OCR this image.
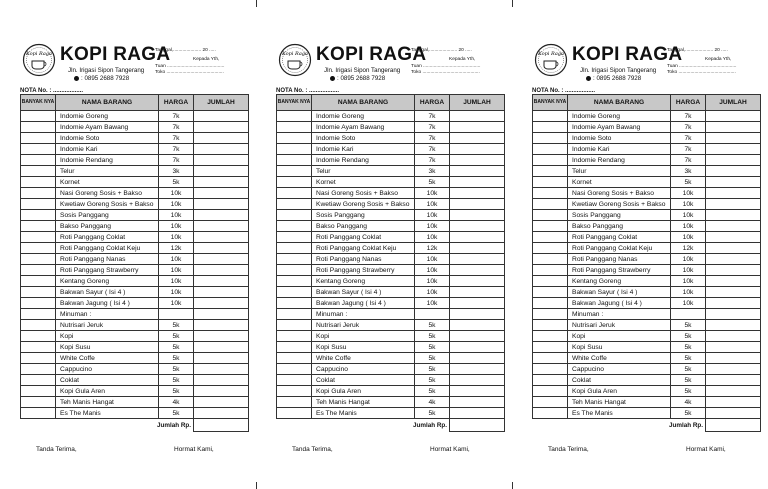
Kopi Raga KOPI RAGA
Jln. Irigasi Sipon Tangerang
: 0895 2688 7928
Tanggal,..................... 20 .....
Kepada Yth,
Tuan ...........................................
Toko ...........................................
NOTA No. : ..................
BANYAK NYA	NAMA BARANG	HARGA	JUMLAH
	Indomie Goreng	7k	
	Indomie Ayam Bawang	7k	
	Indomie Soto	7k	
	Indomie Kari	7k	
	Indomie Rendang	7k	
	Telur	3k	
	Kornet	5k	
	Nasi Goreng Sosis + Bakso	10k	
	Kwetiaw Goreng Sosis + Bakso	10k	
	Sosis Panggang	10k	
	Bakso Panggang	10k	
	Roti Panggang Coklat	10k	
	Roti Panggang Coklat Keju	12k	
	Roti Panggang Nanas	10k	
	Roti Panggang Strawberry	10k	
	Kentang Goreng	10k	
	Bakwan Sayur ( Isi 4 )	10k	
	Bakwan Jagung ( Isi 4 )	10k	
	Minuman :		
	Nutrisari Jeruk	5k	
	Kopi	5k	
	Kopi Susu	5k	
	White Coffe	5k	
	Cappucino	5k	
	Coklat	5k	
	Kopi Gula Aren	5k	
	Teh Manis Hangat	4k	
	Es The Manis	5k	
Jumlah Rp.			
Tanda Terima,	Hormat Kami,
Kopi Raga KOPI RAGA
Jln. Irigasi Sipon Tangerang
: 0895 2688 7928
Tanggal,..................... 20 .....
Kepada Yth,
Tuan ...........................................
Toko ...........................................
NOTA No. : ..................
BANYAK NYA	NAMA BARANG	HARGA	JUMLAH
	Indomie Goreng	7k	
	Indomie Ayam Bawang	7k	
	Indomie Soto	7k	
	Indomie Kari	7k	
	Indomie Rendang	7k	
	Telur	3k	
	Kornet	5k	
	Nasi Goreng Sosis + Bakso	10k	
	Kwetiaw Goreng Sosis + Bakso	10k	
	Sosis Panggang	10k	
	Bakso Panggang	10k	
	Roti Panggang Coklat	10k	
	Roti Panggang Coklat Keju	12k	
	Roti Panggang Nanas	10k	
	Roti Panggang Strawberry	10k	
	Kentang Goreng	10k	
	Bakwan Sayur ( Isi 4 )	10k	
	Bakwan Jagung ( Isi 4 )	10k	
	Minuman :		
	Nutrisari Jeruk	5k	
	Kopi	5k	
	Kopi Susu	5k	
	White Coffe	5k	
	Cappucino	5k	
	Coklat	5k	
	Kopi Gula Aren	5k	
	Teh Manis Hangat	4k	
	Es The Manis	5k	
Jumlah Rp.			
Tanda Terima,	Hormat Kami,
Kopi Raga KOPI RAGA
Jln. Irigasi Sipon Tangerang
: 0895 2688 7928
Tanggal,..................... 20 .....
Kepada Yth,
Tuan ...........................................
Toko ...........................................
NOTA No. : ..................
BANYAK NYA	NAMA BARANG	HARGA	JUMLAH
	Indomie Goreng	7k	
	Indomie Ayam Bawang	7k	
	Indomie Soto	7k	
	Indomie Kari	7k	
	Indomie Rendang	7k	
	Telur	3k	
	Kornet	5k	
	Nasi Goreng Sosis + Bakso	10k	
	Kwetiaw Goreng Sosis + Bakso	10k	
	Sosis Panggang	10k	
	Bakso Panggang	10k	
	Roti Panggang Coklat	10k	
	Roti Panggang Coklat Keju	12k	
	Roti Panggang Nanas	10k	
	Roti Panggang Strawberry	10k	
	Kentang Goreng	10k	
	Bakwan Sayur ( Isi 4 )	10k	
	Bakwan Jagung ( Isi 4 )	10k	
	Minuman :		
	Nutrisari Jeruk	5k	
	Kopi	5k	
	Kopi Susu	5k	
	White Coffe	5k	
	Cappucino	5k	
	Coklat	5k	
	Kopi Gula Aren	5k	
	Teh Manis Hangat	4k	
	Es The Manis	5k	
Jumlah Rp.			
Tanda Terima,	Hormat Kami,
